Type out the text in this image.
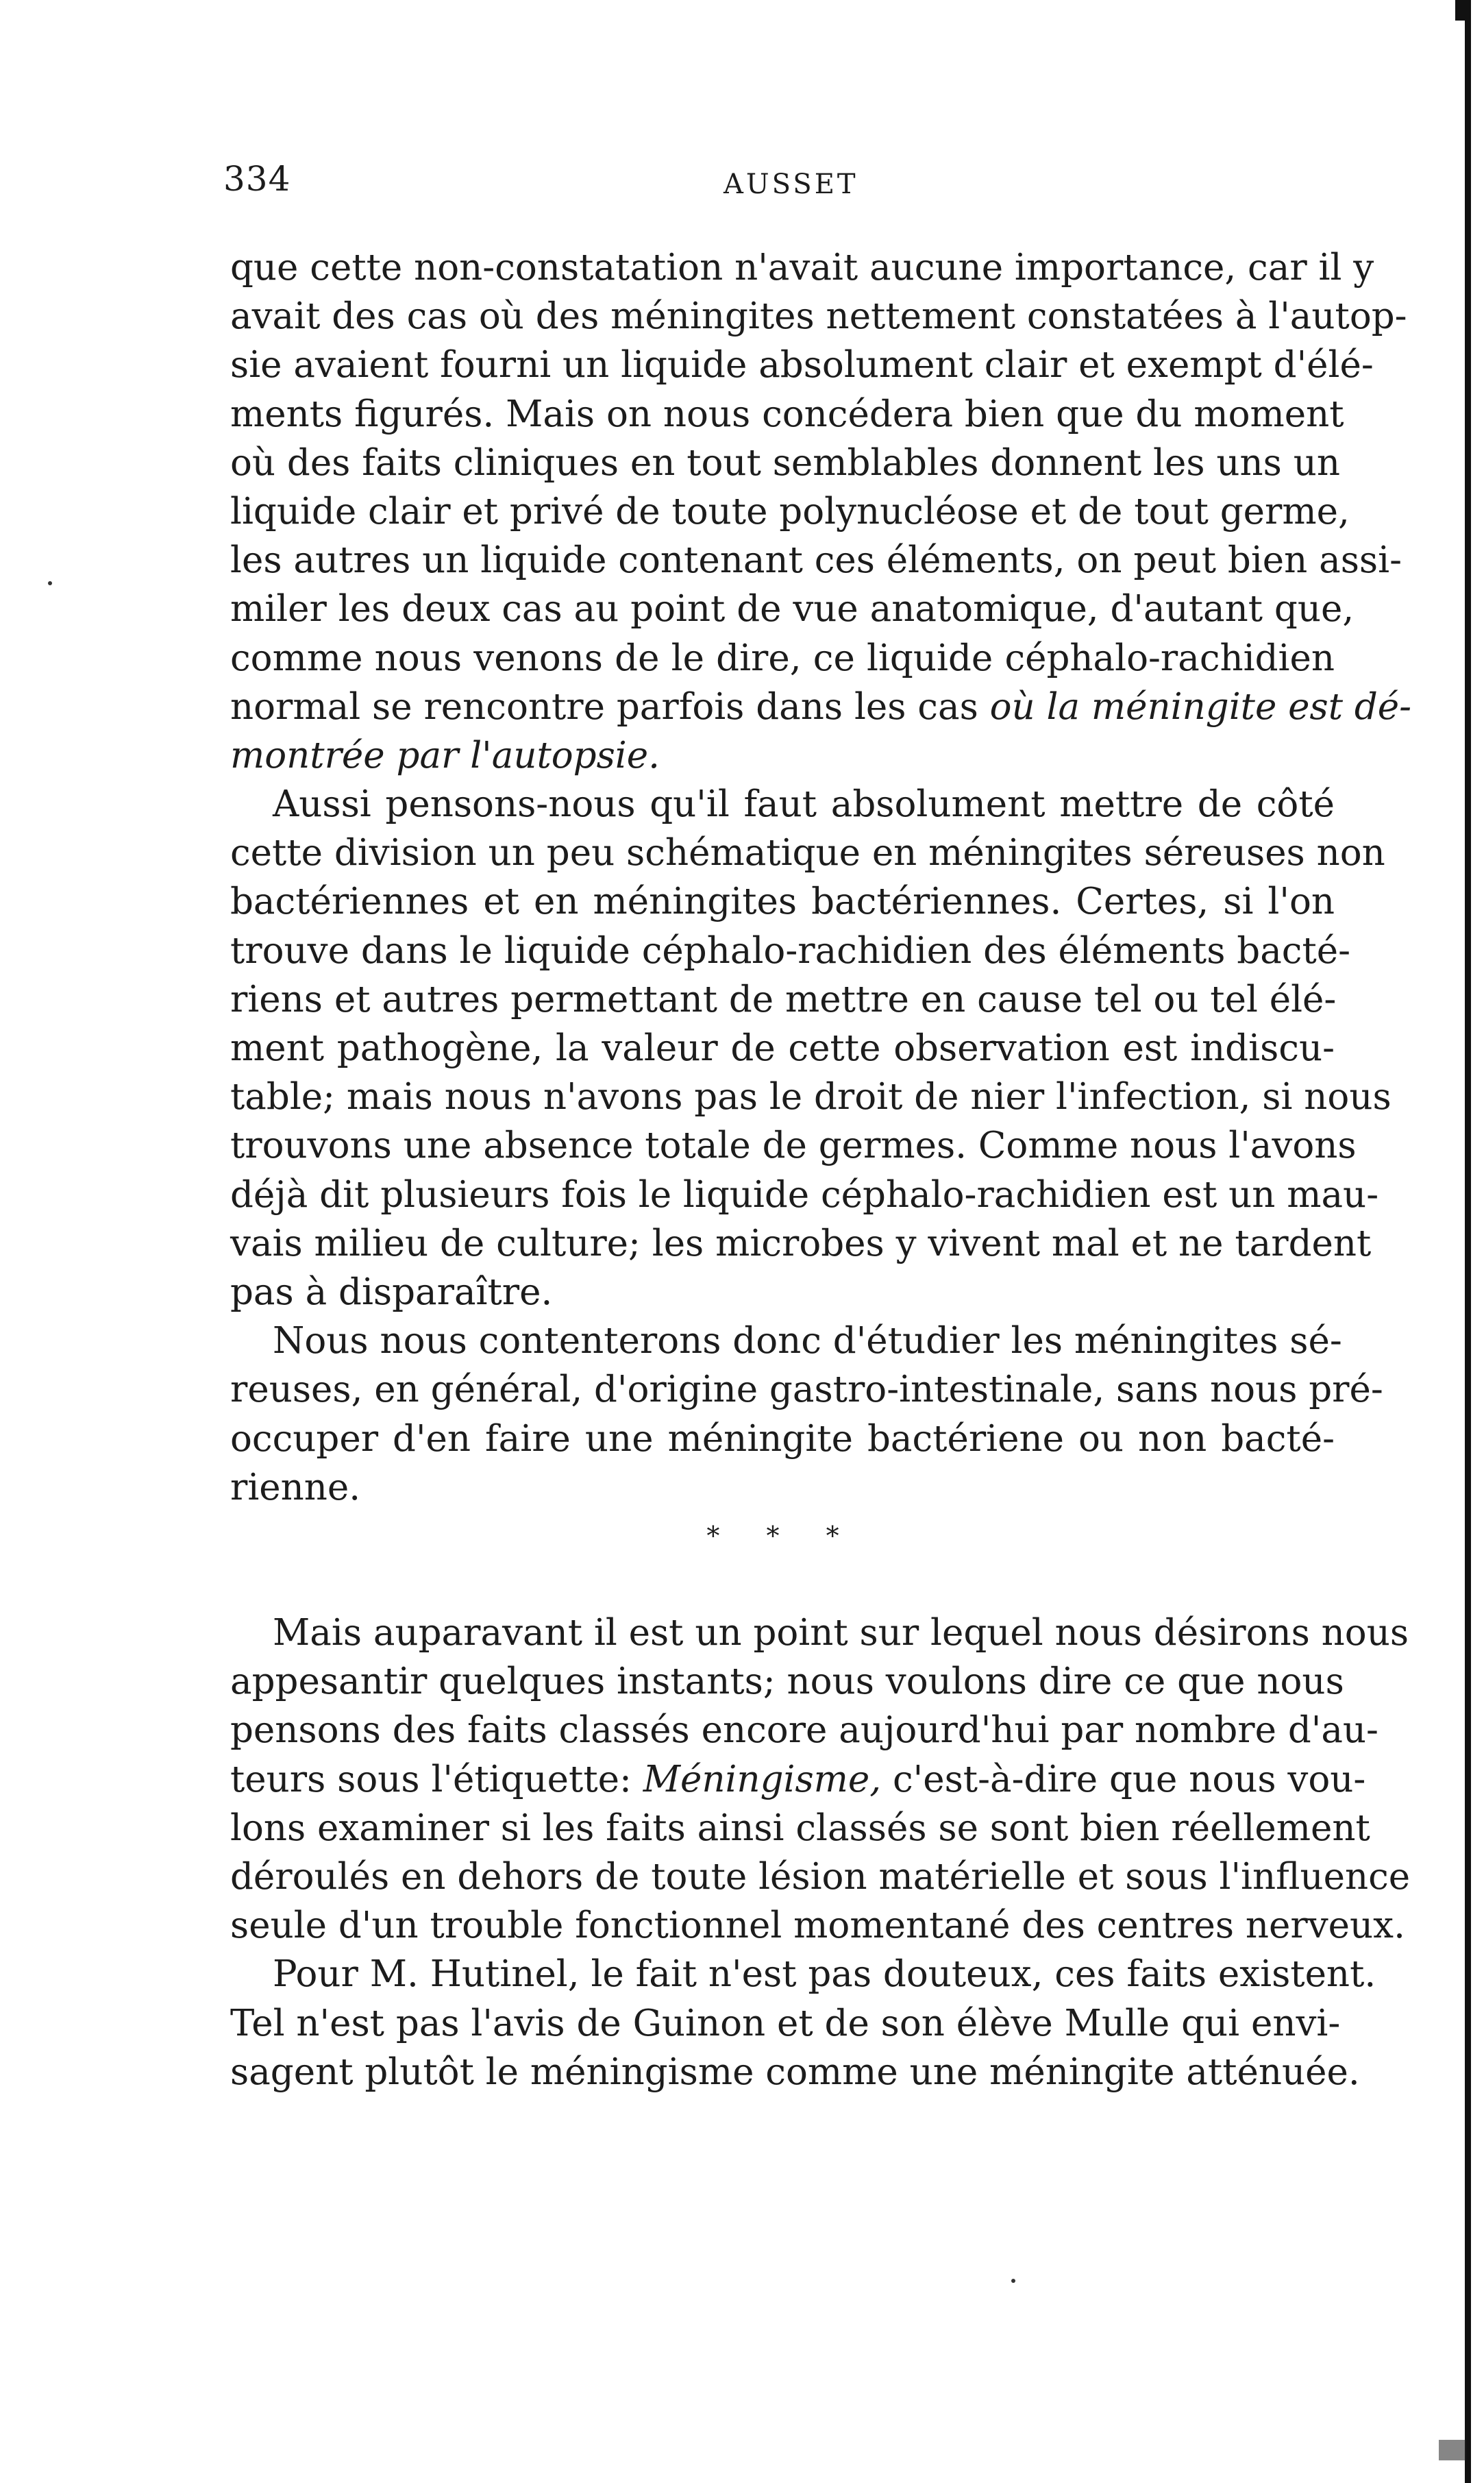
334	AUSSET
que cette non-constatation n'avait aucune importance, car il y
avait des cas où des méningites nettement constatées à l'autop-
sie avaient fourni un liquide absolument clair et exempt d'élé-
ments figurés. Mais on nous concédera bien que du moment
où des faits cliniques en tout semblables donnent les uns un
liquide clair et privé de toute polynucléose et de tout germe,
les autres un liquide contenant ces éléments, on peut bien assi-
miler les deux cas au point de vue anatomique, d'autant que,
comme nous venons de le dire, ce liquide céphalo-rachidien
normal se rencontre parfois dans les cas où la méningite est dé-
montrée par l'autopsie.
Aussi pensons-nous qu'il faut absolument mettre de côté
cette division un peu schématique en méningites séreuses non
bactériennes et en méningites bactériennes. Certes, si l'on
trouve dans le liquide céphalo-rachidien des éléments bacté-
riens et autres permettant de mettre en cause tel ou tel élé-
ment pathogène, la valeur de cette observation est indiscu-
table; mais nous n'avons pas le droit de nier l'infection, si nous
trouvons une absence totale de germes. Comme nous l'avons
déjà dit plusieurs fois le liquide céphalo-rachidien est un mau-
vais milieu de culture; les microbes y vivent mal et ne tardent
pas à disparaître.
Nous nous contenterons donc d'étudier les méningites sé-
reuses, en général, d'origine gastro-intestinale, sans nous pré-
occuper d'en faire une méningite bactériene ou non bacté-
rienne.
* * *
Mais auparavant il est un point sur lequel nous désirons nous
appesantir quelques instants; nous voulons dire ce que nous
pensons des faits classés encore aujourd'hui par nombre d'au-
teurs sous l'étiquette: Méningisme, c'est-à-dire que nous vou-
lons examiner si les faits ainsi classés se sont bien réellement
déroulés en dehors de toute lésion matérielle et sous l'influence
seule d'un trouble fonctionnel momentané des centres nerveux.
Pour M. Hutinel, le fait n'est pas douteux, ces faits existent.
Tel n'est pas l'avis de Guinon et de son élève Mulle qui envi-
sagent plutôt le méningisme comme une méningite atténuée.
